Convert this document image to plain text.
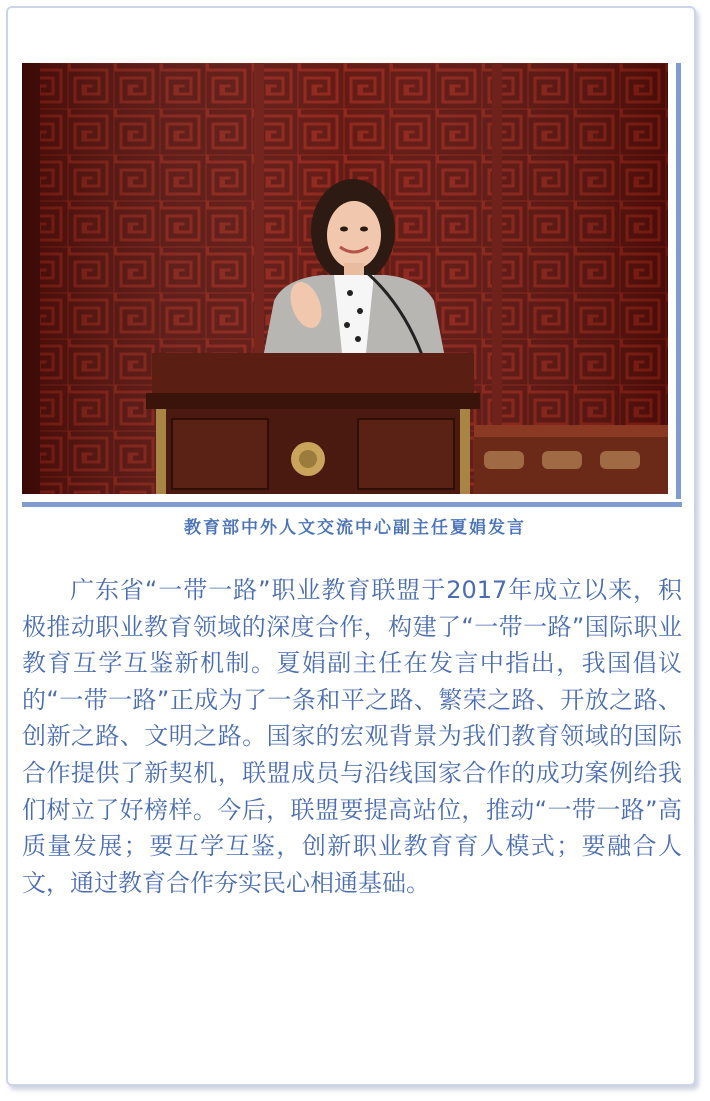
教育部中外人文交流中心副主任夏娟发言

广东省“一带一路”职业教育联盟于2017年成立以来，积极推动职业教育领域的深度合作，构建了“一带一路”国际职业教育互学互鉴新机制。夏娟副主任在发言中指出，我国倡议的“一带一路”正成为了一条和平之路、繁荣之路、开放之路、创新之路、文明之路。国家的宏观背景为我们教育领域的国际合作提供了新契机，联盟成员与沿线国家合作的成功案例给我们树立了好榜样。今后，联盟要提高站位，推动“一带一路”高质量发展；要互学互鉴，创新职业教育育人模式；要融合人文，通过教育合作夯实民心相通基础。
